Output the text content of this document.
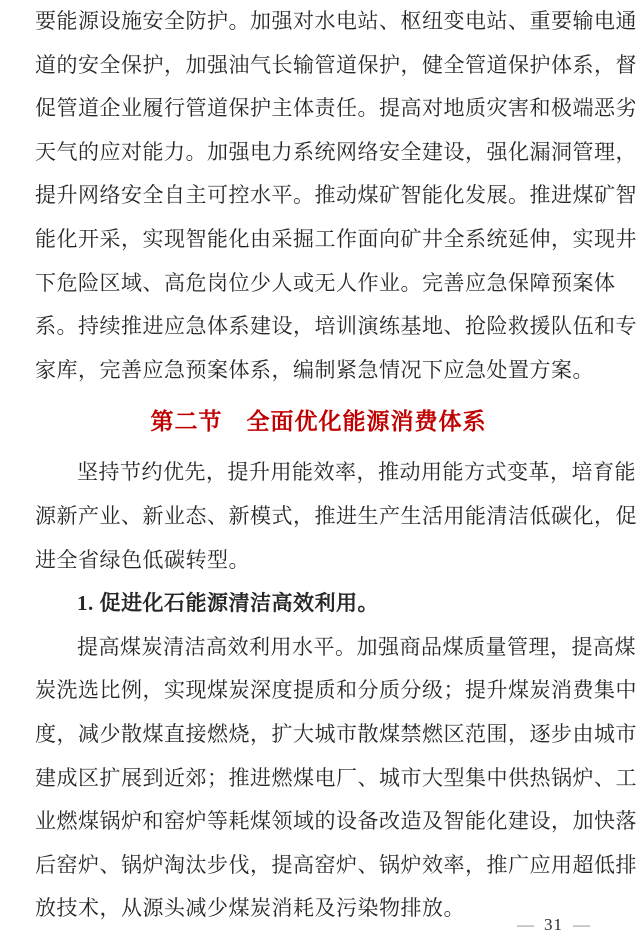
要能源设施安全防护。加强对水电站、枢纽变电站、重要输电通
道的安全保护，加强油气长输管道保护，健全管道保护体系，督
促管道企业履行管道保护主体责任。提高对地质灾害和极端恶劣
天气的应对能力。加强电力系统网络安全建设，强化漏洞管理，
提升网络安全自主可控水平。推动煤矿智能化发展。推进煤矿智
能化开采，实现智能化由采掘工作面向矿井全系统延伸，实现井
下危险区域、高危岗位少人或无人作业。完善应急保障预案体
系。持续推进应急体系建设，培训演练基地、抢险救援队伍和专
家库，完善应急预案体系，编制紧急情况下应急处置方案。
第二节　全面优化能源消费体系
坚持节约优先，提升用能效率，推动用能方式变革，培育能
源新产业、新业态、新模式，推进生产生活用能清洁低碳化，促
进全省绿色低碳转型。
1. 促进化石能源清洁高效利用。
提高煤炭清洁高效利用水平。加强商品煤质量管理，提高煤
炭洗选比例，实现煤炭深度提质和分质分级；提升煤炭消费集中
度，减少散煤直接燃烧，扩大城市散煤禁燃区范围，逐步由城市
建成区扩展到近郊；推进燃煤电厂、城市大型集中供热锅炉、工
业燃煤锅炉和窑炉等耗煤领域的设备改造及智能化建设，加快落
后窑炉、锅炉淘汰步伐，提高窑炉、锅炉效率，推广应用超低排
放技术，从源头减少煤炭消耗及污染物排放。
— 31 —
